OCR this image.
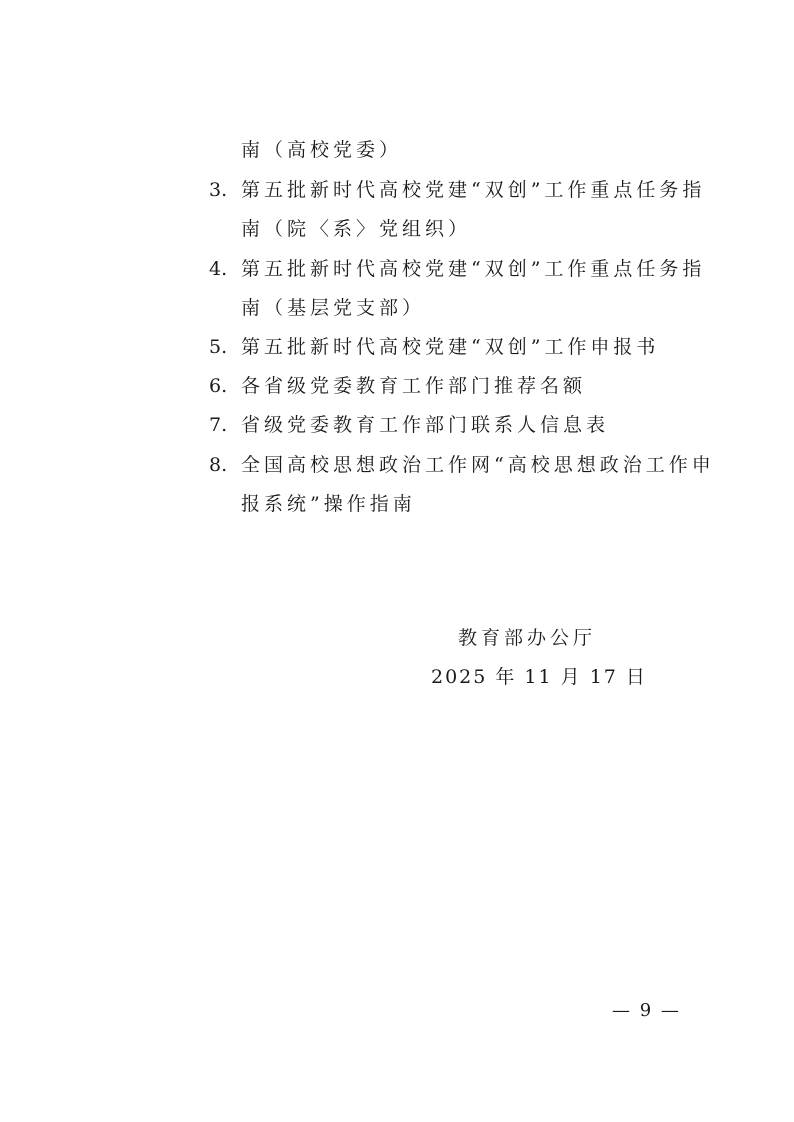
南（高校党委）
3. 第五批新时代高校党建“双创”工作重点任务指
南（院〈系〉党组织）
4. 第五批新时代高校党建“双创”工作重点任务指
南（基层党支部）
5. 第五批新时代高校党建“双创”工作申报书
6. 各省级党委教育工作部门推荐名额
7. 省级党委教育工作部门联系人信息表
8. 全国高校思想政治工作网“高校思想政治工作申
报系统”操作指南
教育部办公厅
2025 年 11 月 17 日
— 9 —
